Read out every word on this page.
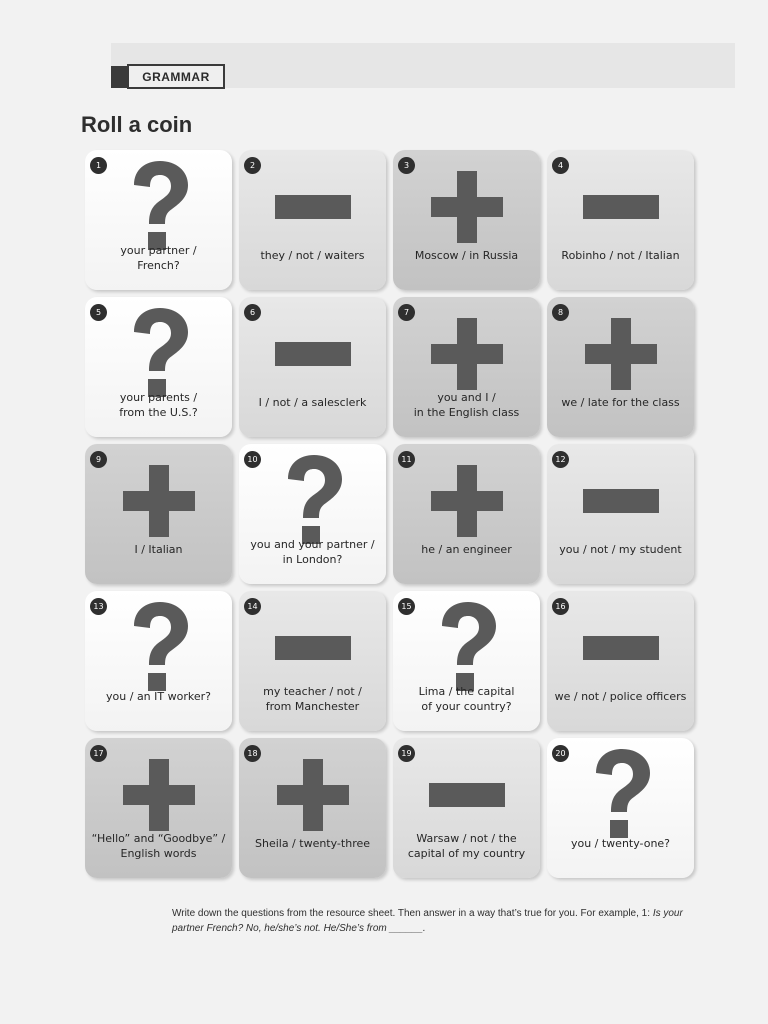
GRAMMAR
Roll a coin
1
your partner /
French?
2
they / not / waiters
3
Moscow / in Russia
4
Robinho / not / Italian
5
your parents /
from the U.S.?
6
I / not / a salesclerk
7
you and I /
in the English class
8
we / late for the class
9
I / Italian
10
you and your partner /
in London?
11
he / an engineer
12
you / not / my student
13
you / an IT worker?
14
my teacher / not /
from Manchester
15
Lima / the capital
of your country?
16
we / not / police officers
17
“Hello” and “Goodbye” /
English words
18
Sheila / twenty-three
19
Warsaw / not / the
capital of my country
20
you / twenty-one?
Write down the questions from the resource sheet. Then answer in a way that’s true for you. For example, 1: Is your partner French? No, he/she’s not. He/She’s from ______.
